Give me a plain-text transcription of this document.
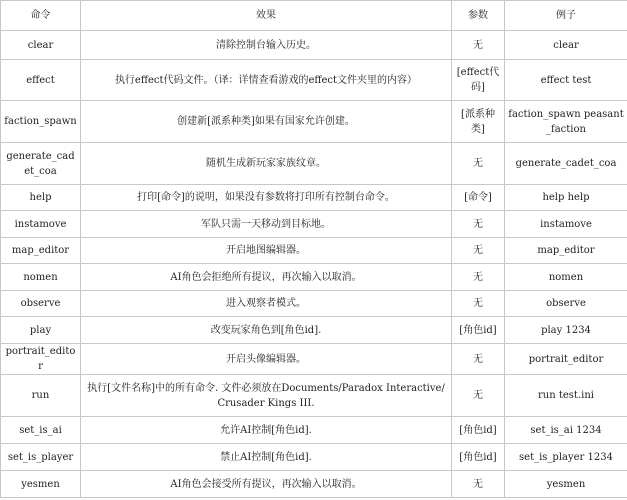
命令	效果	参数	例子
clear	清除控制台输入历史。	无	clear
effect	执行effect代码文件。（译：详情查看游戏的effect文件夹里的内容）	[effect代码]	effect test
faction_spawn	创建新[派系种类]如果有国家允许创建。	[派系种类]	faction_spawn peasant_faction
generate_cadet_coa	随机生成新玩家家族纹章。	无	generate_cadet_coa
help	打印[命令]的说明，如果没有参数将打印所有控制台命令。	[命令]	help help
instamove	军队只需一天移动到目标地。	无	instamove
map_editor	开启地图编辑器。	无	map_editor
nomen	AI角色会拒绝所有提议，再次输入以取消。	无	nomen
observe	进入观察者模式。	无	observe
play	改变玩家角色到[角色id].	[角色id]	play 1234
portrait_editor	开启头像编辑器。	无	portrait_editor
run	执行[文件名称]中的所有命令. 文件必须放在Documents/Paradox Interactive/Crusader Kings III.	无	run test.ini
set_is_ai	允许AI控制[角色id].	[角色id]	set_is_ai 1234
set_is_player	禁止AI控制[角色id].	[角色id]	set_is_player 1234
yesmen	AI角色会接受所有提议，再次输入以取消。	无	yesmen
